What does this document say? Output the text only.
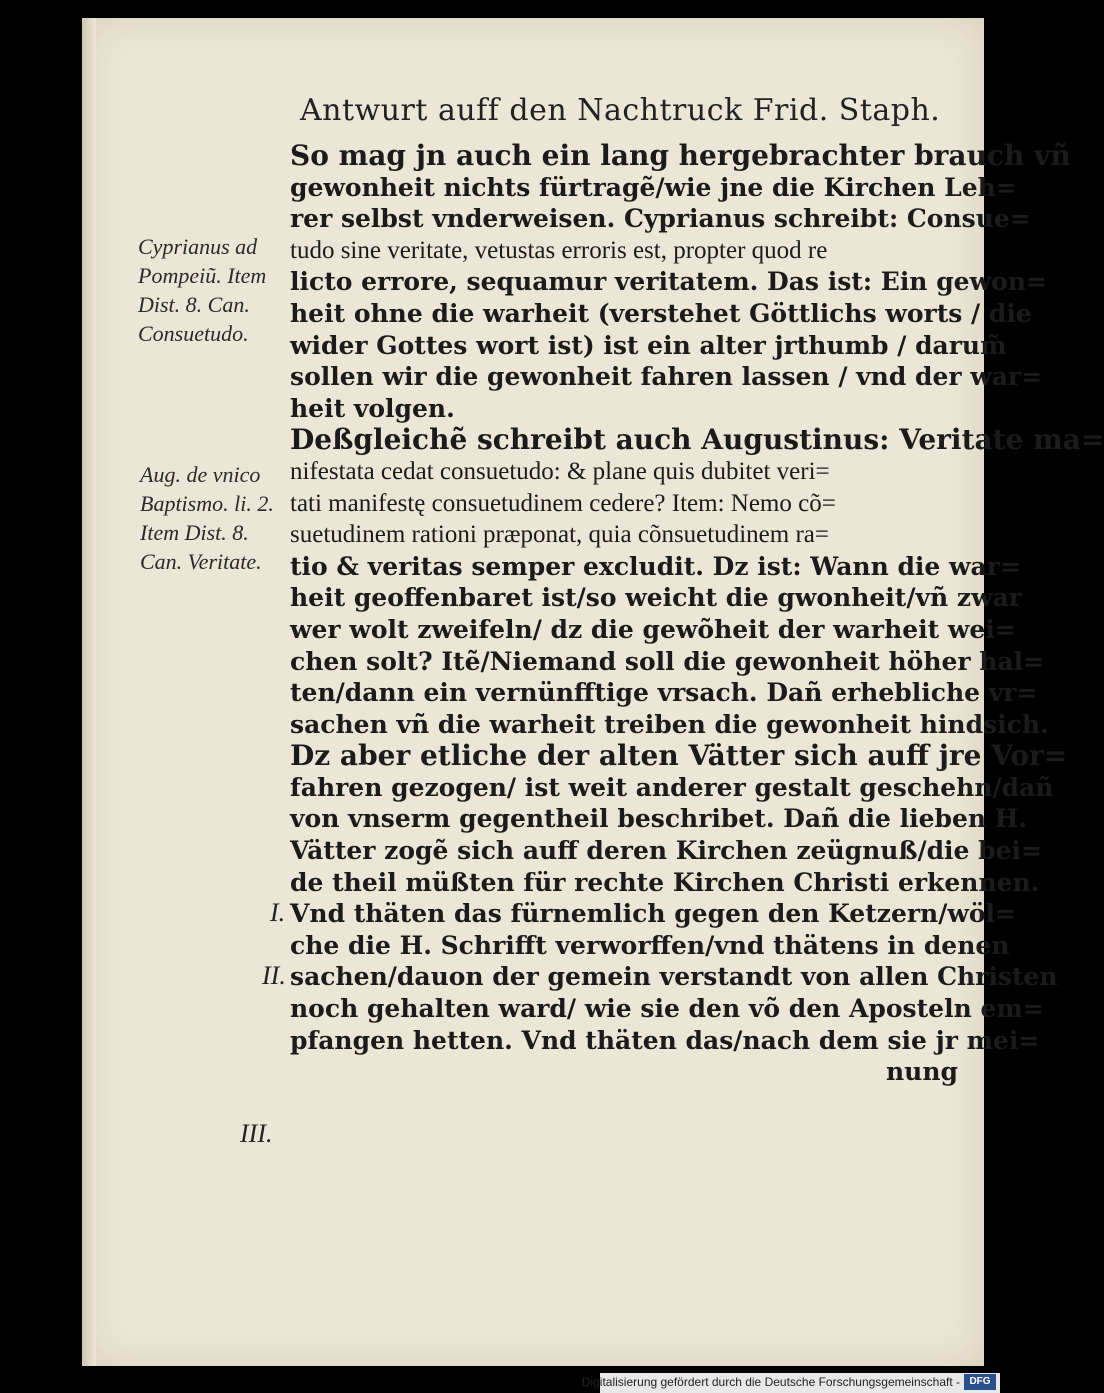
Antwurt auff den Nachtruck Frid. Staph.
So mag jn auch ein lang hergebrachter brauch vñ
gewonheit nichts fürtragẽ/wie jne die Kirchen Leh=
rer selbst vnderweisen. Cyprianus schreibt: Consue=
tudo sine veritate, vetustas erroris est, propter quod re
licto errore, sequamur veritatem. Das ist: Ein gewon=
heit ohne die warheit (verstehet Göttlichs worts / die
wider Gottes wort ist) ist ein alter jrthumb / darum̃
sollen wir die gewonheit fahren lassen / vnd der war=
heit volgen.
Deßgleichẽ schreibt auch Augustinus: Veritate ma=
nifestata cedat consuetudo: & plane quis dubitet veri=
tati manifestę consuetudinem cedere? Item: Nemo cõ=
suetudinem rationi præponat, quia cõnsuetudinem ra=
tio & veritas semper excludit. Dz ist: Wann die war=
heit geoffenbaret ist/so weicht die gwonheit/vñ zwar
wer wolt zweifeln/ dz die gewõheit der warheit wei=
chen solt? Itẽ/Niemand soll die gewonheit höher hal=
ten/dann ein vernünfftige vrsach. Dañ erhebliche vr=
sachen vñ die warheit treiben die gewonheit hindsich.
Dz aber etliche der alten Vätter sich auff jre Vor=
fahren gezogen/ ist weit anderer gestalt geschehn/dañ
von vnserm gegentheil beschribet. Dañ die lieben H.
Vätter zogẽ sich auff deren Kirchen zeügnuß/die bei=
de theil müßten für rechte Kirchen Christi erkennen.
Vnd thäten das fürnemlich gegen den Ketzern/wöl=
che die H. Schrifft verworffen/vnd thätens in denen
sachen/dauon der gemein verstandt von allen Christen
noch gehalten ward/ wie sie den võ den Aposteln em=
pfangen hetten. Vnd thäten das/nach dem sie jr mei=
nung
Cyprianus ad
Pompeiũ. Item
Dist. 8. Can.
Consuetudo.
Aug. de vnico
Baptismo. li. 2.
Item Dist. 8.
Can. Veritate.
I.
II.
III.
Digitalisierung gefördert durch die Deutsche Forschungsgemeinschaft - DFG
